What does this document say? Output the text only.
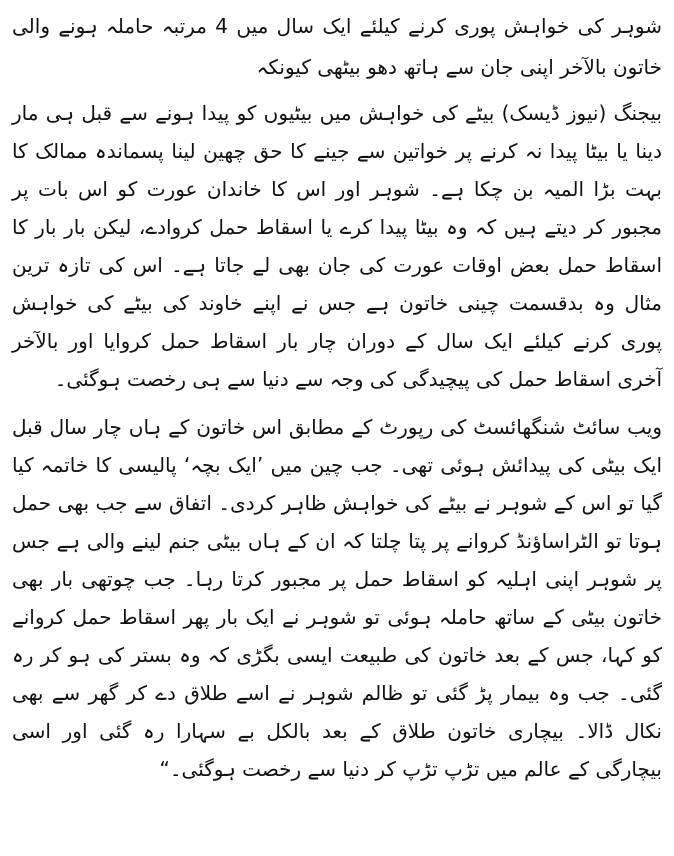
شوہر کی خواہش پوری کرنے کیلئے ایک سال میں 4 مرتبہ حاملہ ہونے والی خاتون بالآخر اپنی جان سے ہاتھ دھو بیٹھی کیونکہ

بیجنگ (نیوز ڈیسک) بیٹے کی خواہش میں بیٹیوں کو پیدا ہونے سے قبل ہی مار دینا یا بیٹا پیدا نہ کرنے پر خواتین سے جینے کا حق چھین لینا پسماندہ ممالک کا بہت بڑا المیہ بن چکا ہے۔ شوہر اور اس کا خاندان عورت کو اس بات پر مجبور کر دیتے ہیں کہ وہ بیٹا پیدا کرے یا اسقاط حمل کروادے، لیکن بار بار کا اسقاط حمل بعض اوقات عورت کی جان بھی لے جاتا ہے۔ اس کی تازہ ترین مثال وہ بدقسمت چینی خاتون ہے جس نے اپنے خاوند کی بیٹے کی خواہش پوری کرنے کیلئے ایک سال کے دوران چار بار اسقاط حمل کروایا اور بالآخر آخری اسقاط حمل کی پیچیدگی کی وجہ سے دنیا سے ہی رخصت ہوگئی۔

ویب سائٹ شنگھائسٹ کی رپورٹ کے مطابق اس خاتون کے ہاں چار سال قبل ایک بیٹی کی پیدائش ہوئی تھی۔ جب چین میں ’ایک بچہ‘ پالیسی کا خاتمہ کیا گیا تو اس کے شوہر نے بیٹے کی خواہش ظاہر کردی۔ اتفاق سے جب بھی حمل ہوتا تو الٹراساؤنڈ کروانے پر پتا چلتا کہ ان کے ہاں بیٹی جنم لینے والی ہے جس پر شوہر اپنی اہلیہ کو اسقاط حمل پر مجبور کرتا رہا۔ جب چوتھی بار بھی خاتون بیٹی کے ساتھ حاملہ ہوئی تو شوہر نے ایک بار پھر اسقاط حمل کروانے کو کہا، جس کے بعد خاتون کی طبیعت ایسی بگڑی کہ وہ بستر کی ہو کر رہ گئی۔ جب وہ بیمار پڑ گئی تو ظالم شوہر نے اسے طلاق دے کر گھر سے بھی نکال ڈالا۔ بیچاری خاتون طلاق کے بعد بالکل بے سہارا رہ گئی اور اسی بیچارگی کے عالم میں تڑپ تڑپ کر دنیا سے رخصت ہوگئی۔“
